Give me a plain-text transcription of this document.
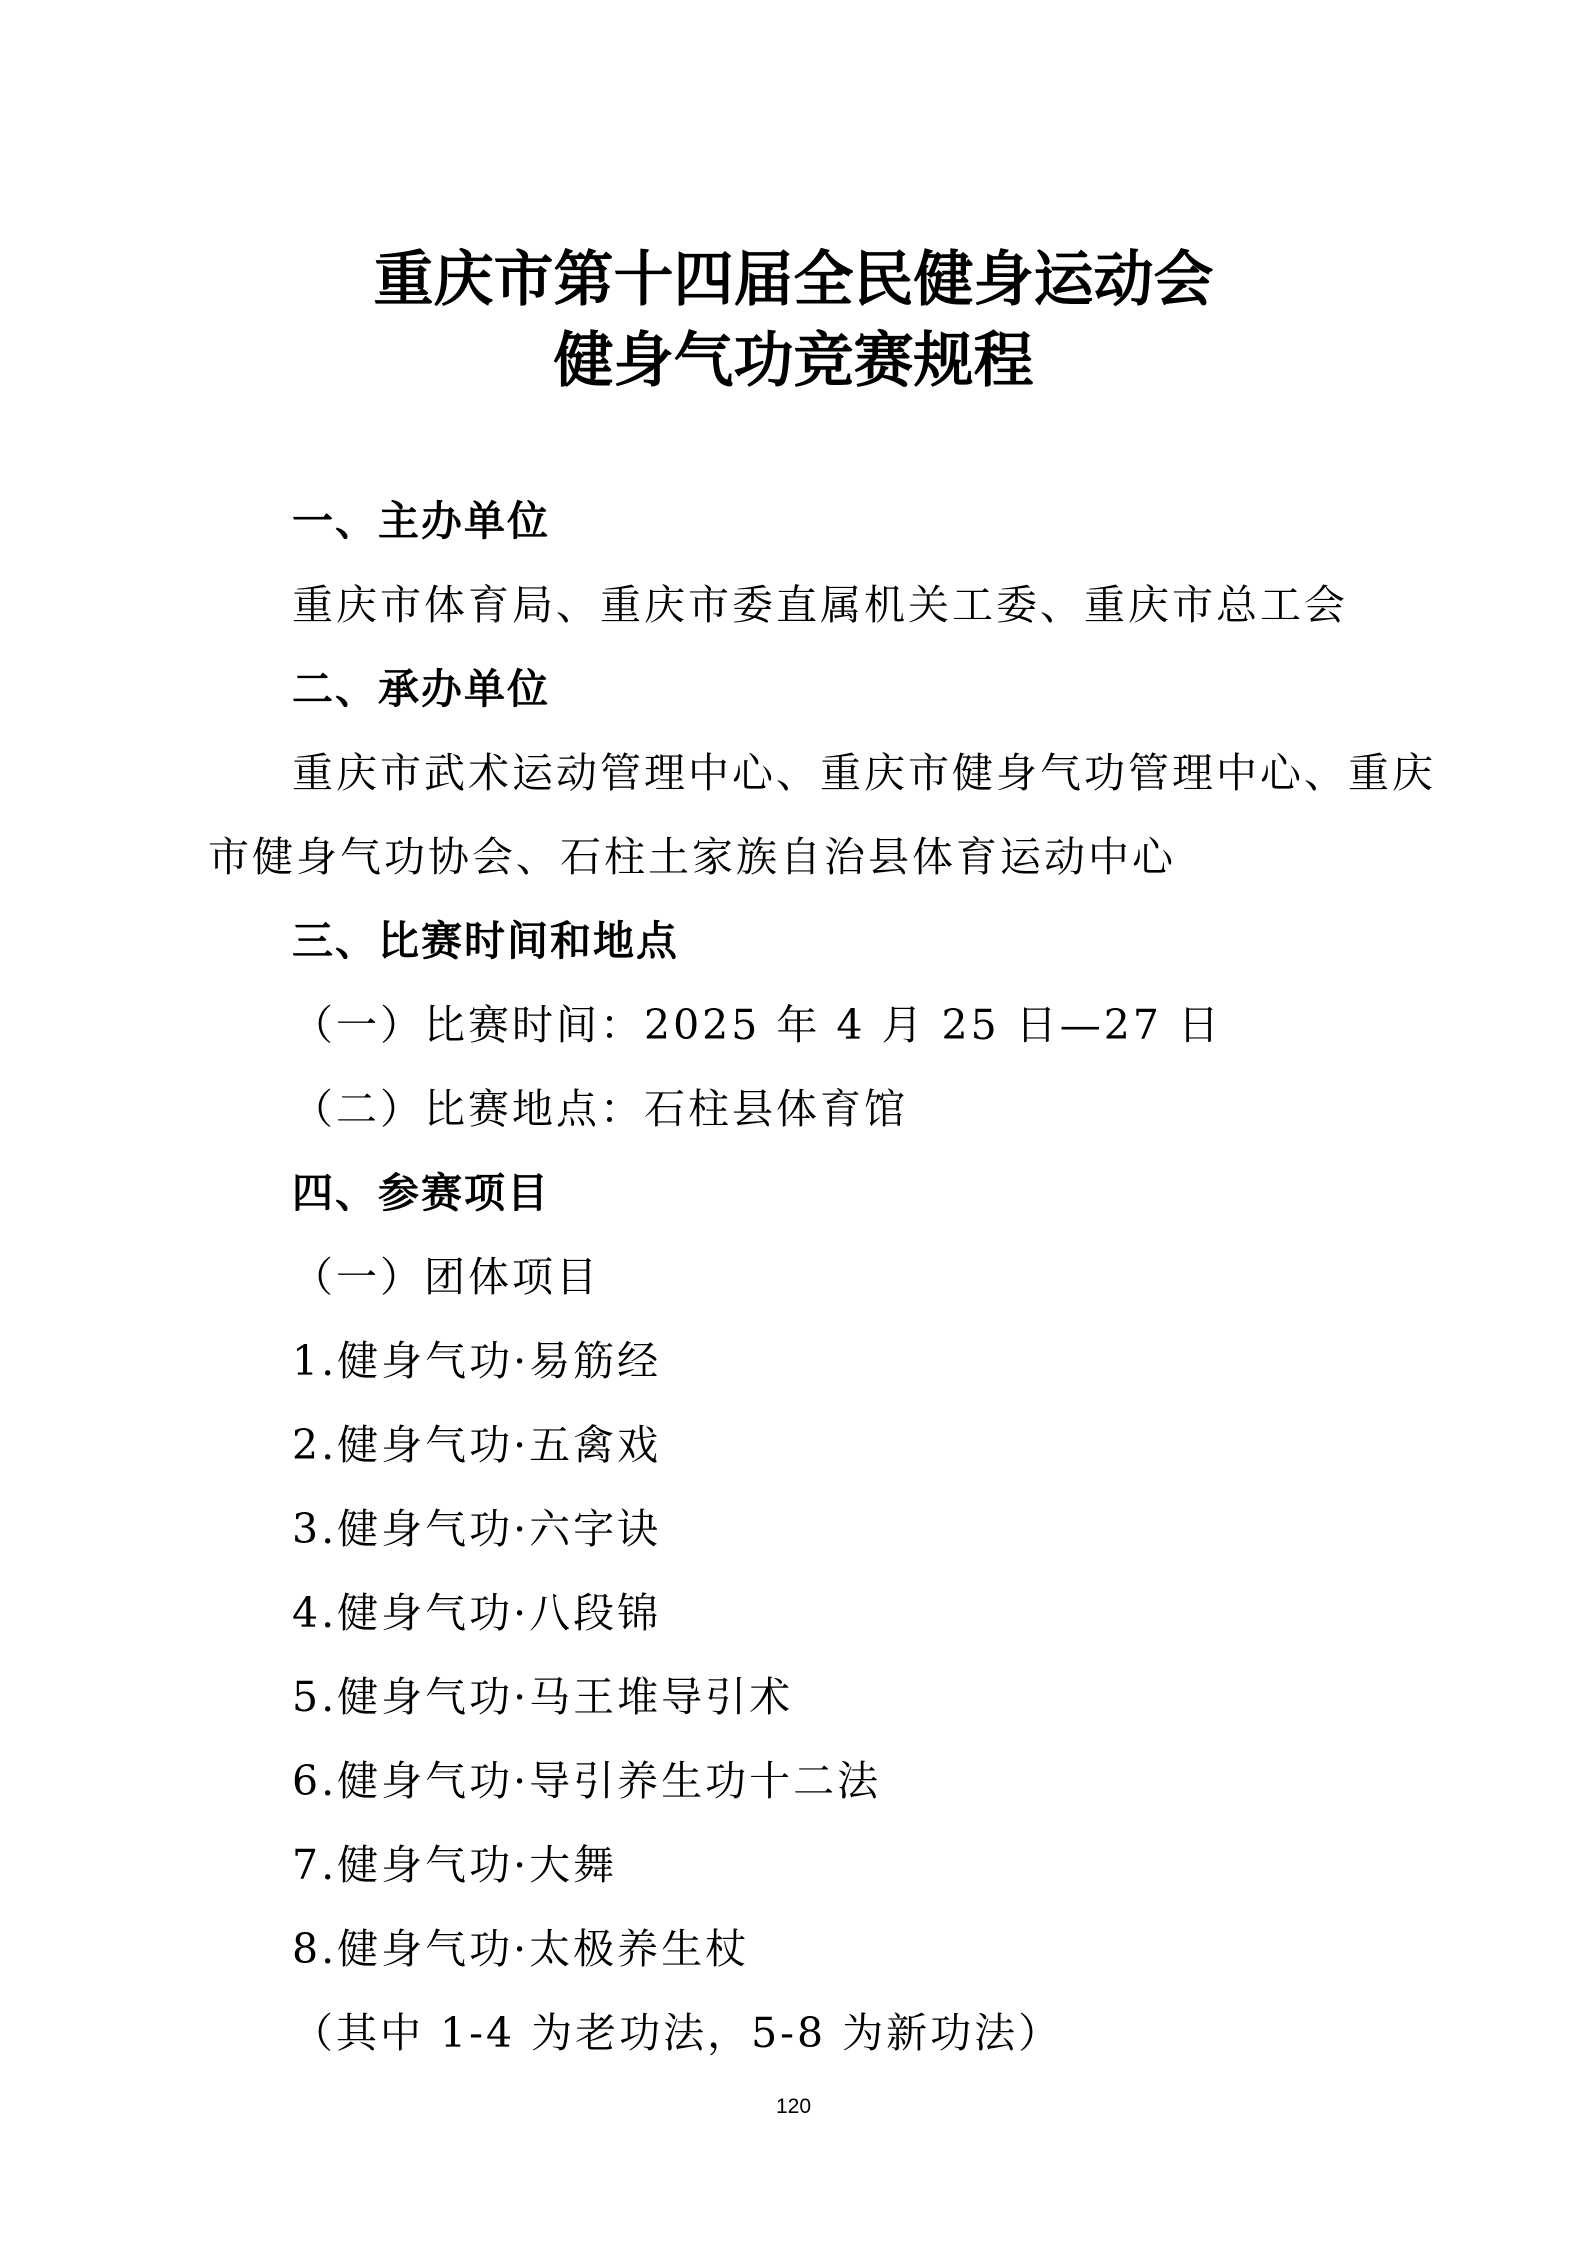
重庆市第十四届全民健身运动会
健身气功竞赛规程
一、主办单位
重庆市体育局、重庆市委直属机关工委、重庆市总工会
二、承办单位
重庆市武术运动管理中心、重庆市健身气功管理中心、重庆
市健身气功协会、石柱土家族自治县体育运动中心
三、比赛时间和地点
（一）比赛时间：2025 年 4 月 25 日—27 日
（二）比赛地点：石柱县体育馆
四、参赛项目
（一）团体项目
1.健身气功·易筋经
2.健身气功·五禽戏
3.健身气功·六字诀
4.健身气功·八段锦
5.健身气功·马王堆导引术
6.健身气功·导引养生功十二法
7.健身气功·大舞
8.健身气功·太极养生杖
（其中 1-4 为老功法，5-8 为新功法）
120
